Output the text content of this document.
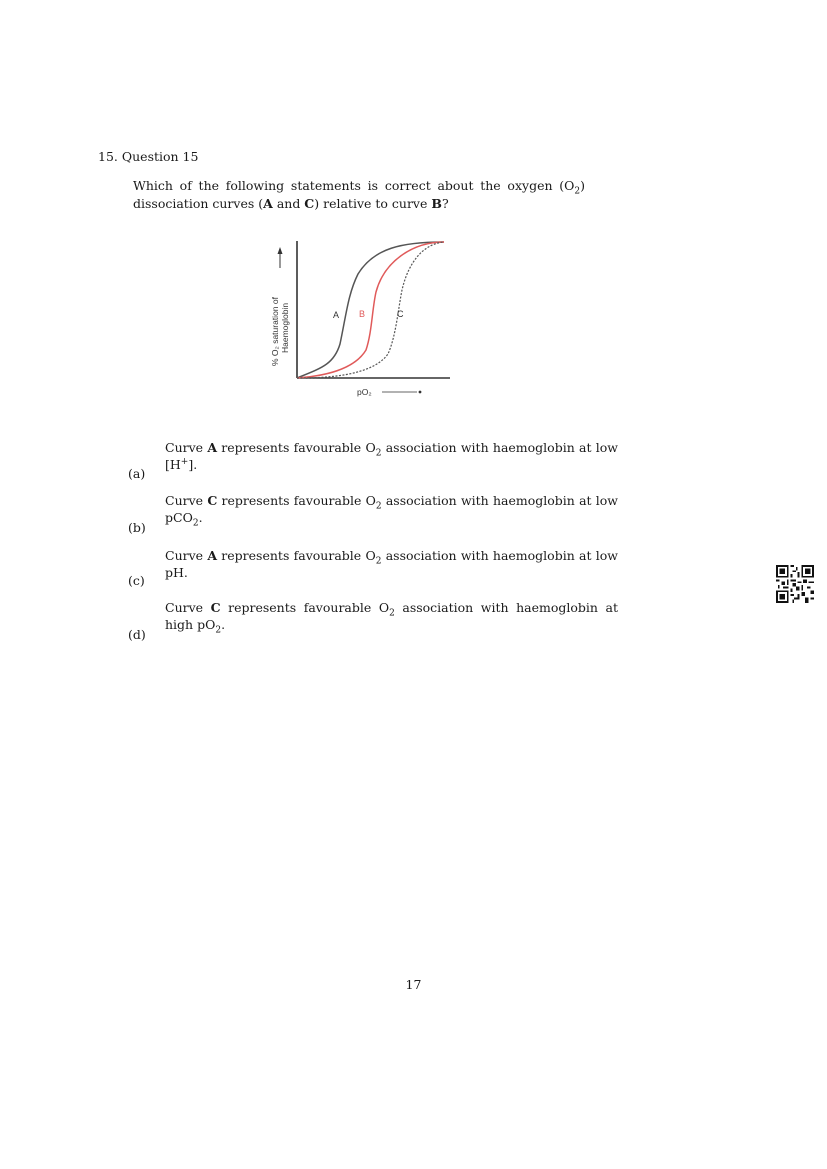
15. Question 15
Which of the following statements is correct about the oxygen $(O_2)$ dissociation curves (A and C) relative to curve B?
% O₂ saturation of Haemoglobin	A B	C
pO₂
Curve A represents favourable $O_2$ association with haemoglobin at low [H+].
(a)
Curve C represents favourable $O_2$ association with haemoglobin at low pCO$_2$.
(b)
Curve A represents favourable $O_2$ association with haemoglobin at low pH.
(c)
Curve C represents favourable $O_2$ association with haemoglobin at high $pO_2$.
(d)
17
